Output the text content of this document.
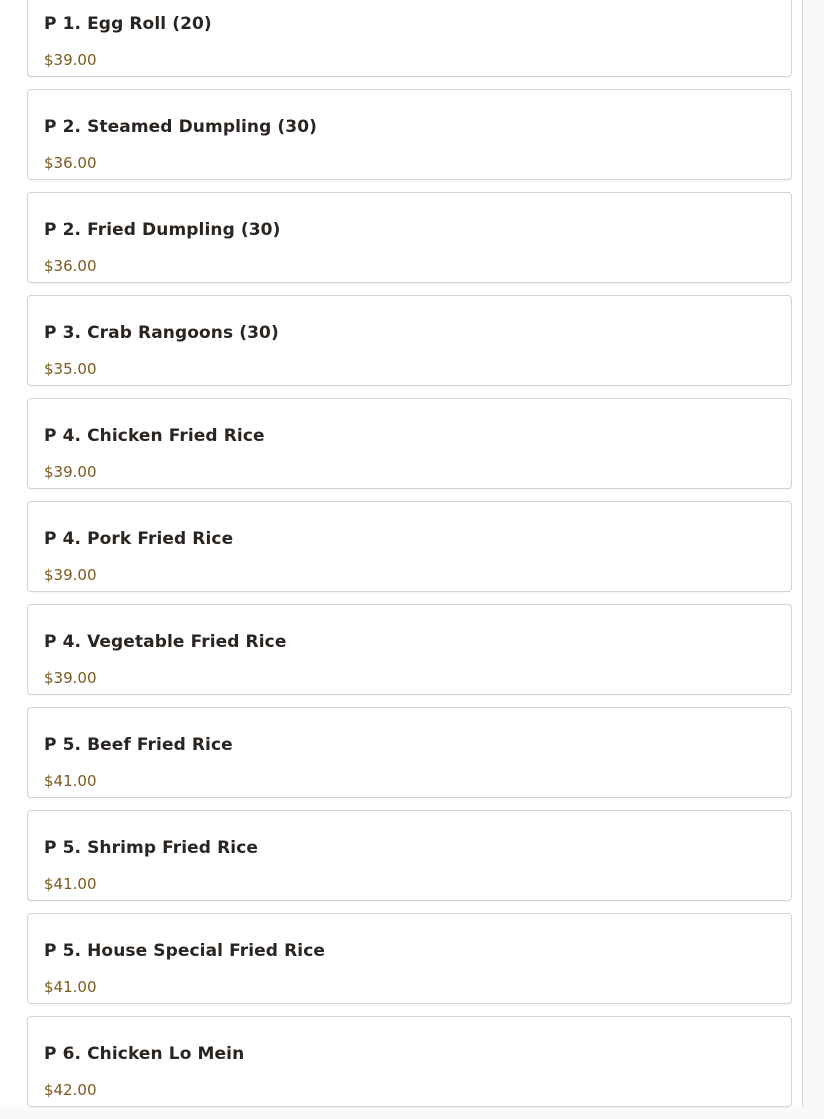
P 1. Egg Roll (20)
$39.00
P 2. Steamed Dumpling (30)
$36.00
P 2. Fried Dumpling (30)
$36.00
P 3. Crab Rangoons (30)
$35.00
P 4. Chicken Fried Rice
$39.00
P 4. Pork Fried Rice
$39.00
P 4. Vegetable Fried Rice
$39.00
P 5. Beef Fried Rice
$41.00
P 5. Shrimp Fried Rice
$41.00
P 5. House Special Fried Rice
$41.00
P 6. Chicken Lo Mein
$42.00
